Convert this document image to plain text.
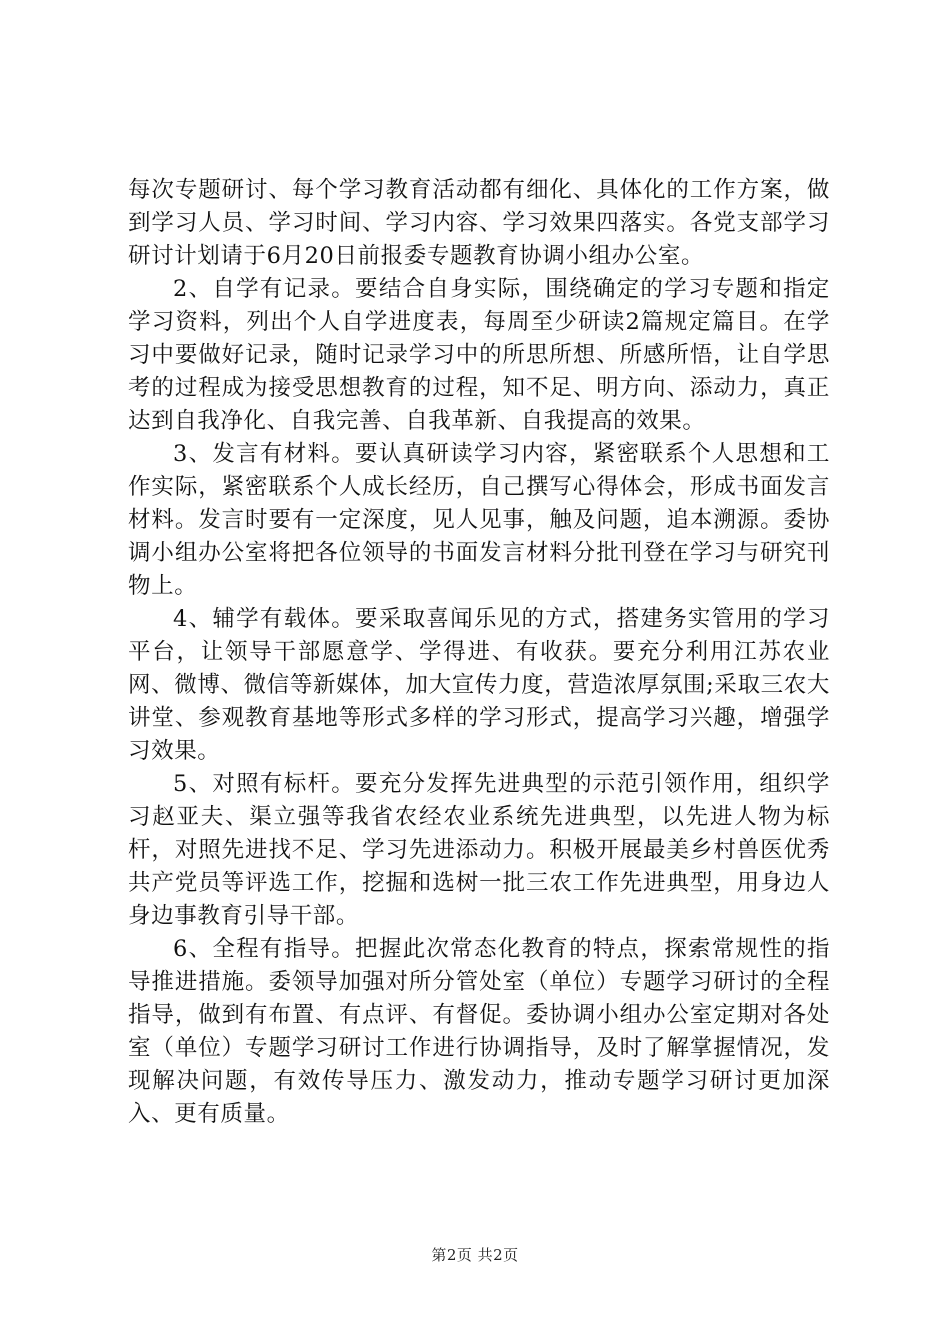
每次专题研讨、每个学习教育活动都有细化、具体化的工作方案，做到学习人员、学习时间、学习内容、学习效果四落实。各党支部学习研讨计划请于6月20日前报委专题教育协调小组办公室。

2、自学有记录。要结合自身实际，围绕确定的学习专题和指定学习资料，列出个人自学进度表，每周至少研读2篇规定篇目。在学习中要做好记录，随时记录学习中的所思所想、所感所悟，让自学思考的过程成为接受思想教育的过程，知不足、明方向、添动力，真正达到自我净化、自我完善、自我革新、自我提高的效果。

3、发言有材料。要认真研读学习内容，紧密联系个人思想和工作实际，紧密联系个人成长经历，自己撰写心得体会，形成书面发言材料。发言时要有一定深度，见人见事，触及问题，追本溯源。委协调小组办公室将把各位领导的书面发言材料分批刊登在学习与研究刊物上。

4、辅学有载体。要采取喜闻乐见的方式，搭建务实管用的学习平台，让领导干部愿意学、学得进、有收获。要充分利用江苏农业网、微博、微信等新媒体，加大宣传力度，营造浓厚氛围;采取三农大讲堂、参观教育基地等形式多样的学习形式，提高学习兴趣，增强学习效果。

5、对照有标杆。要充分发挥先进典型的示范引领作用，组织学习赵亚夫、渠立强等我省农经农业系统先进典型，以先进人物为标杆，对照先进找不足、学习先进添动力。积极开展最美乡村兽医优秀共产党员等评选工作，挖掘和选树一批三农工作先进典型，用身边人身边事教育引导干部。

6、全程有指导。把握此次常态化教育的特点，探索常规性的指导推进措施。委领导加强对所分管处室（单位）专题学习研讨的全程指导，做到有布置、有点评、有督促。委协调小组办公室定期对各处室（单位）专题学习研讨工作进行协调指导，及时了解掌握情况，发现解决问题，有效传导压力、激发动力，推动专题学习研讨更加深入、更有质量。

第2页 共2页
